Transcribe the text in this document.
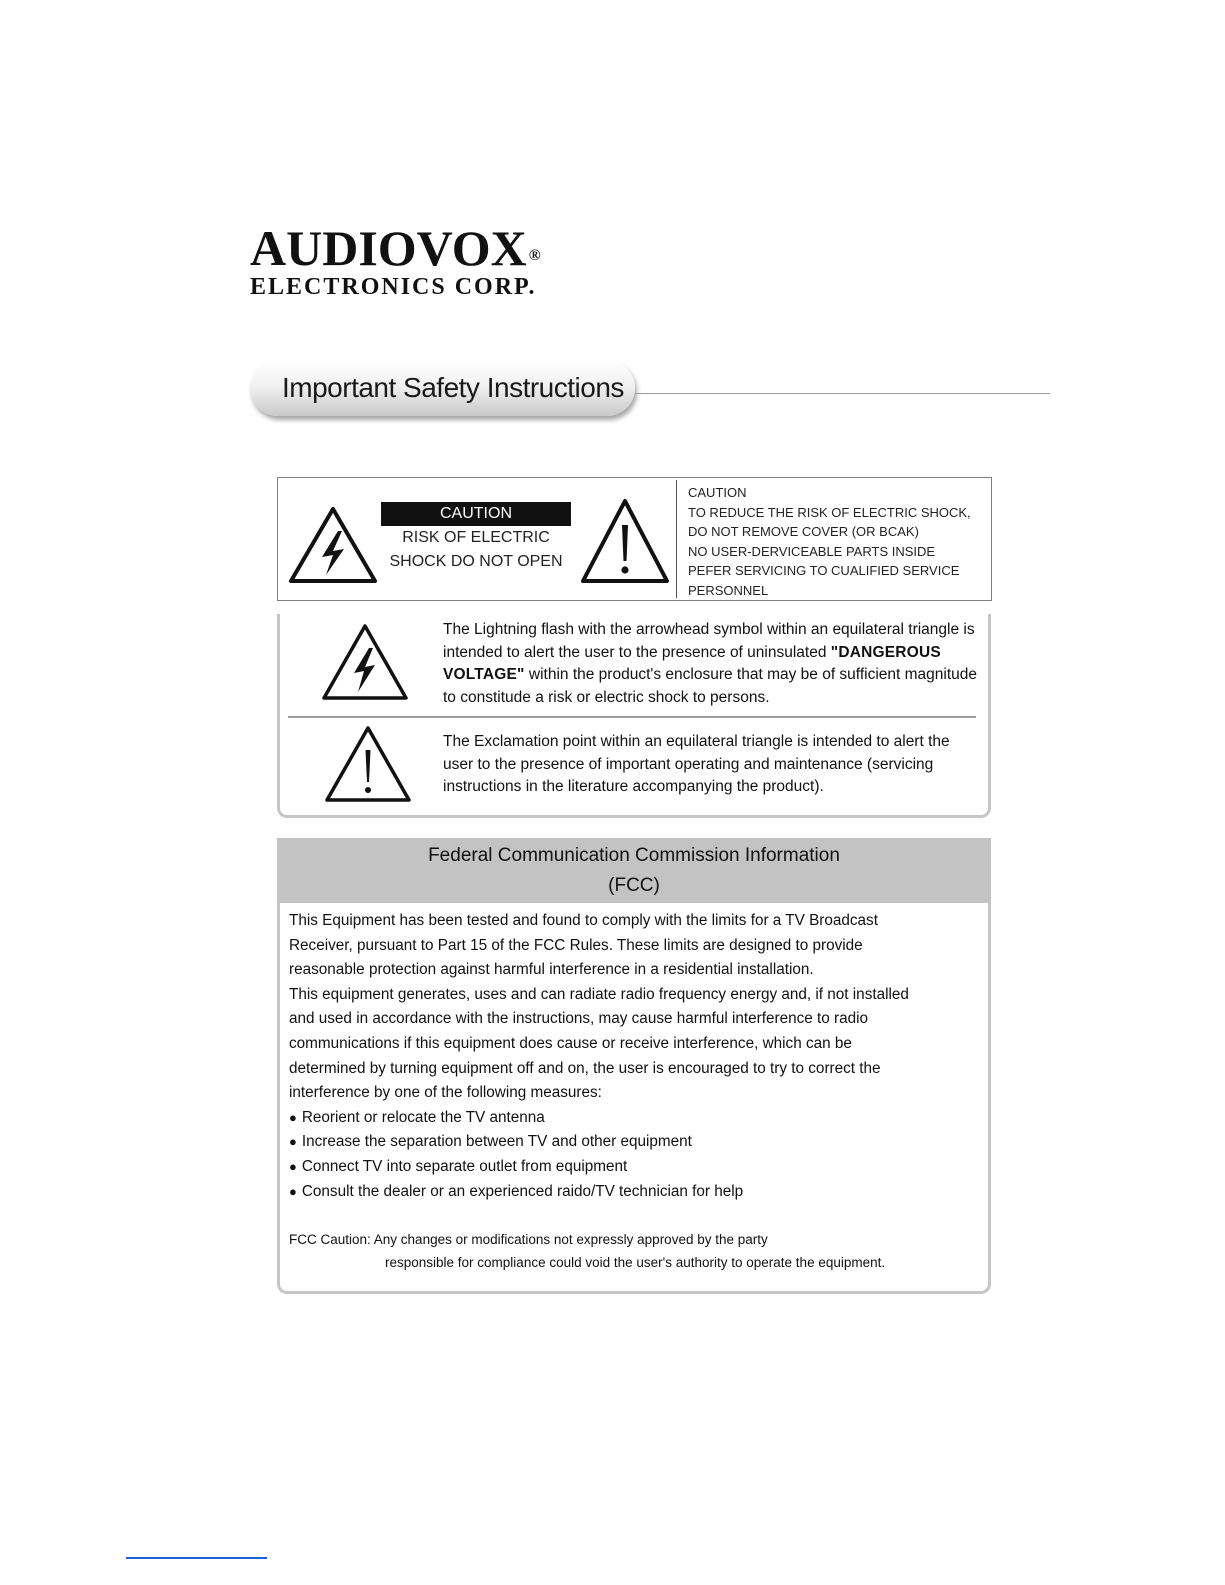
AUDIOVOX ®
ELECTRONICS CORP.
Important Safety Instructions
CAUTION
RISK OF ELECTRIC
SHOCK DO NOT OPEN
CAUTION
TO REDUCE THE RISK OF ELECTRIC SHOCK,
DO NOT REMOVE COVER (OR BCAK)
NO USER-DERVICEABLE PARTS INSIDE
PEFER SERVICING TO CUALIFIED SERVICE
PERSONNEL
The Lightning flash with the arrowhead symbol within an equilateral triangle is intended to alert the user to the presence of uninsulated "DANGEROUS VOLTAGE" within the product's enclosure that may be of sufficient magnitude to constitude a risk or electric shock to persons.
The Exclamation point within an equilateral triangle is intended to alert the user to the presence of important operating and maintenance (servicing instructions in the literature accompanying the product).
Federal Communication Commission Information
(FCC)
This Equipment has been tested and found to comply with the limits for a TV Broadcast
Receiver, pursuant to Part 15 of the FCC Rules. These limits are designed to provide
reasonable protection against harmful interference in a residential installation.
This equipment generates, uses and can radiate radio frequency energy and, if not installed
and used in accordance with the instructions, may cause harmful interference to radio
communications if this equipment does cause or receive interference, which can be
determined by turning equipment off and on, the user is encouraged to try to correct the
interference by one of the following measures:
● Reorient or relocate the TV antenna
● Increase the separation between TV and other equipment
● Connect TV into separate outlet from equipment
● Consult the dealer or an experienced raido/TV technician for help
FCC Caution: Any changes or modifications not expressly approved by the party
responsible for compliance could void the user's authority to operate the equipment.
